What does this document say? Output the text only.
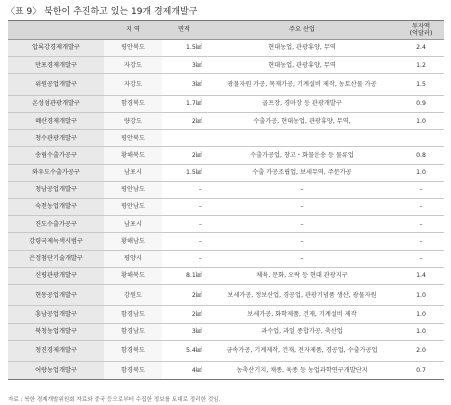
〈표 9〉 북한이 추진하고 있는 19개 경제개발구
	지 역	면적	주요 산업	투자액
(억달러)

압록강경제개발구	평안북도	1.5㎢	현대농업, 관광휴양, 무역	2.4
만포경제개발구	자강도	3㎢	현대농업, 관광휴양, 무역	1.2
위원공업개발구	자강도	3㎢	광물자원 가공, 목재가공, 기계설비 제작, 농토산물 가공	1.5
온성섬관광개발구	함경북도	1.7㎢	골프장, 경마장 등 관광개발구	0.9
혜산경제개발구	량강도	2㎢	수출가공, 현대농업, 관광휴양, 무역,	1.0
청수관광개발구	평안북도			
송림수출가공구	황해북도	2㎢	수출가공업, 창고・화물운송 등 물류업	0.8
와우도수출가공구	남포시	1.5㎢	수출 가공조립업, 보세무역, 주문가공	1.0
청남공업개발구	평안남도	–	–	–
숙천농업개발구	평안남도	–	–	–
진도수출가공구	남포시	–	–	–
강령국제녹색시범구	황해남도	–	–	–
은정첨단기술개발구	평양시	–	–	–
신평관광개발구	황해북도	8.1㎢	체육, 문화, 오락 등 현대 관광지구	1.4
현동공업개발구	강원도	2㎢	보세가공, 정보산업, 경공업, 관광기념품 생산, 광물자원	1.0
흥남공업개발구	함경남도	2㎢	보세가공, 화학제품, 건재, 기계설비 제작	1.0
북청농업개발구	함경남도	3㎢	과수업, 과일 종합가공, 축산업	1.0
청진경제개발구	함경북도	5.4㎢	금속가공, 기계제작, 건재, 전자제품, 경공업, 수출가공업	2.0
어랑농업개발구	함경북도	4㎢	농축산기지, 채종, 육종 등 농업과학연구개발단지	0.7
자료 : 북한 경제개발위원회 자료와 중국 등으로부터 수집한 정보를 토대로 정리한 것임.
